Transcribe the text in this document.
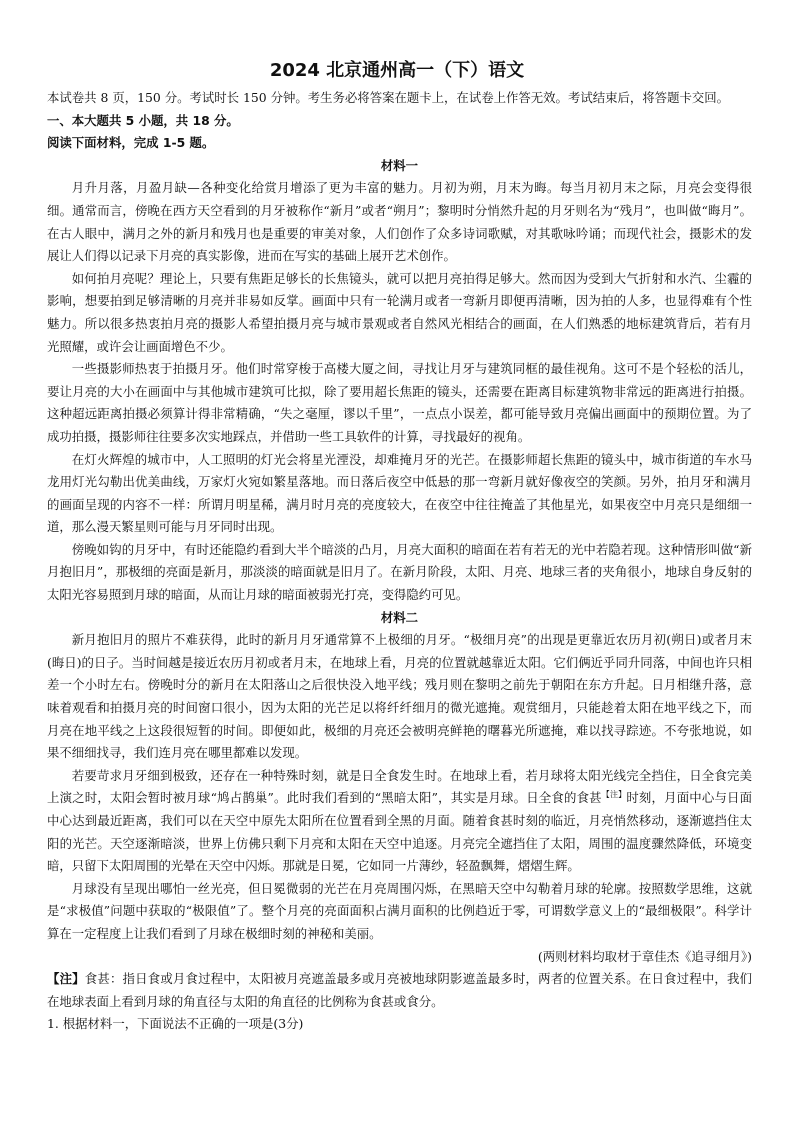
2024 北京通州高一（下）语文

本试卷共 8 页，150 分。考试时长 150 分钟。考生务必将答案在题卡上，在试卷上作答无效。考试结束后，将答题卡交回。

一、本大题共 5 小题，共 18 分。

阅读下面材料，完成 1-5 题。

材料一

月升月落，月盈月缺—各种变化给赏月增添了更为丰富的魅力。月初为朔，月末为晦。每当月初月末之际，月亮会变得很细。通常而言，傍晚在西方天空看到的月牙被称作“新月”或者“朔月”；黎明时分悄然升起的月牙则名为“残月”，也叫做“晦月”。在古人眼中，满月之外的新月和残月也是重要的审美对象，人们创作了众多诗词歌赋，对其歌咏吟诵；而现代社会，摄影术的发展让人们得以记录下月亮的真实影像，进而在写实的基础上展开艺术创作。

如何拍月亮呢？理论上，只要有焦距足够长的长焦镜头，就可以把月亮拍得足够大。然而因为受到大气折射和水汽、尘霾的影响，想要拍到足够清晰的月亮并非易如反掌。画面中只有一轮满月或者一弯新月即便再清晰，因为拍的人多，也显得难有个性魅力。所以很多热衷拍月亮的摄影人希望拍摄月亮与城市景观或者自然风光相结合的画面，在人们熟悉的地标建筑背后，若有月光照耀，或许会让画面增色不少。

一些摄影师热衷于拍摄月牙。他们时常穿梭于高楼大厦之间，寻找让月牙与建筑同框的最佳视角。这可不是个轻松的活儿，要让月亮的大小在画面中与其他城市建筑可比拟，除了要用超长焦距的镜头，还需要在距离目标建筑物非常远的距离进行拍摄。这种超远距离拍摄必须算计得非常精确，“失之毫厘，谬以千里”，一点点小误差，都可能导致月亮偏出画面中的预期位置。为了成功拍摄，摄影师往往要多次实地踩点，并借助一些工具软件的计算，寻找最好的视角。

在灯火辉煌的城市中，人工照明的灯光会将星光湮没，却难掩月牙的光芒。在摄影师超长焦距的镜头中，城市街道的车水马龙用灯光勾勒出优美曲线，万家灯火宛如繁星落地。而日落后夜空中低悬的那一弯新月就好像夜空的笑颜。另外，拍月牙和满月的画面呈现的内容不一样：所谓月明星稀，满月时月亮的亮度较大，在夜空中往往掩盖了其他星光，如果夜空中月亮只是细细一道，那么漫天繁星则可能与月牙同时出现。

傍晚如钩的月牙中，有时还能隐约看到大半个暗淡的凸月，月亮大面积的暗面在若有若无的光中若隐若现。这种情形叫做“新月抱旧月”，那极细的亮面是新月，那淡淡的暗面就是旧月了。在新月阶段，太阳、月亮、地球三者的夹角很小，地球自身反射的太阳光容易照到月球的暗面，从而让月球的暗面被弱光打亮，变得隐约可见。

材料二

新月抱旧月的照片不难获得，此时的新月月牙通常算不上极细的月牙。“极细月亮”的出现是更靠近农历月初(朔日)或者月末(晦日)的日子。当时间越是接近农历月初或者月末，在地球上看，月亮的位置就越靠近太阳。它们俩近乎同升同落，中间也许只相差一个小时左右。傍晚时分的新月在太阳落山之后很快没入地平线；残月则在黎明之前先于朝阳在东方升起。日月相继升落，意味着观看和拍摄月亮的时间窗口很小，因为太阳的光芒足以将纤纤细月的微光遮掩。观赏细月，只能趁着太阳在地平线之下，而月亮在地平线之上这段很短暂的时间。即便如此，极细的月亮还会被明亮鲜艳的曙暮光所遮掩，难以找寻踪迹。不夸张地说，如果不细细找寻，我们连月亮在哪里都难以发现。

若要苛求月牙细到极致，还存在一种特殊时刻，就是日全食发生时。在地球上看，若月球将太阳光线完全挡住，日全食完美上演之时，太阳会暂时被月球“鸠占鹊巢”。此时我们看到的“黑暗太阳”，其实是月球。日全食的食甚$^{【注】}$时刻，月面中心与日面中心达到最近距离，我们可以在天空中原先太阳所在位置看到全黑的月面。随着食甚时刻的临近，月亮悄然移动，逐渐遮挡住太阳的光芒。天空逐渐暗淡，世界上仿佛只剩下月亮和太阳在天空中追逐。月亮完全遮挡住了太阳，周围的温度骤然降低，环境变暗，只留下太阳周围的光晕在天空中闪烁。那就是日冕，它如同一片薄纱，轻盈飘舞，熠熠生辉。

月球没有呈现出哪怕一丝光亮，但日冕微弱的光芒在月亮周围闪烁，在黑暗天空中勾勒着月球的轮廓。按照数学思维，这就是“求极值”问题中获取的“极限值”了。整个月亮的亮面面积占满月面积的比例趋近于零，可谓数学意义上的“最细极限”。科学计算在一定程度上让我们看到了月球在极细时刻的神秘和美丽。

(两则材料均取材于章佳杰《追寻细月》)

【注】食甚：指日食或月食过程中，太阳被月亮遮盖最多或月亮被地球阴影遮盖最多时，两者的位置关系。在日食过程中，我们在地球表面上看到月球的角直径与太阳的角直径的比例称为食甚或食分。

1. 根据材料一，下面说法不正确的一项是(3分)
